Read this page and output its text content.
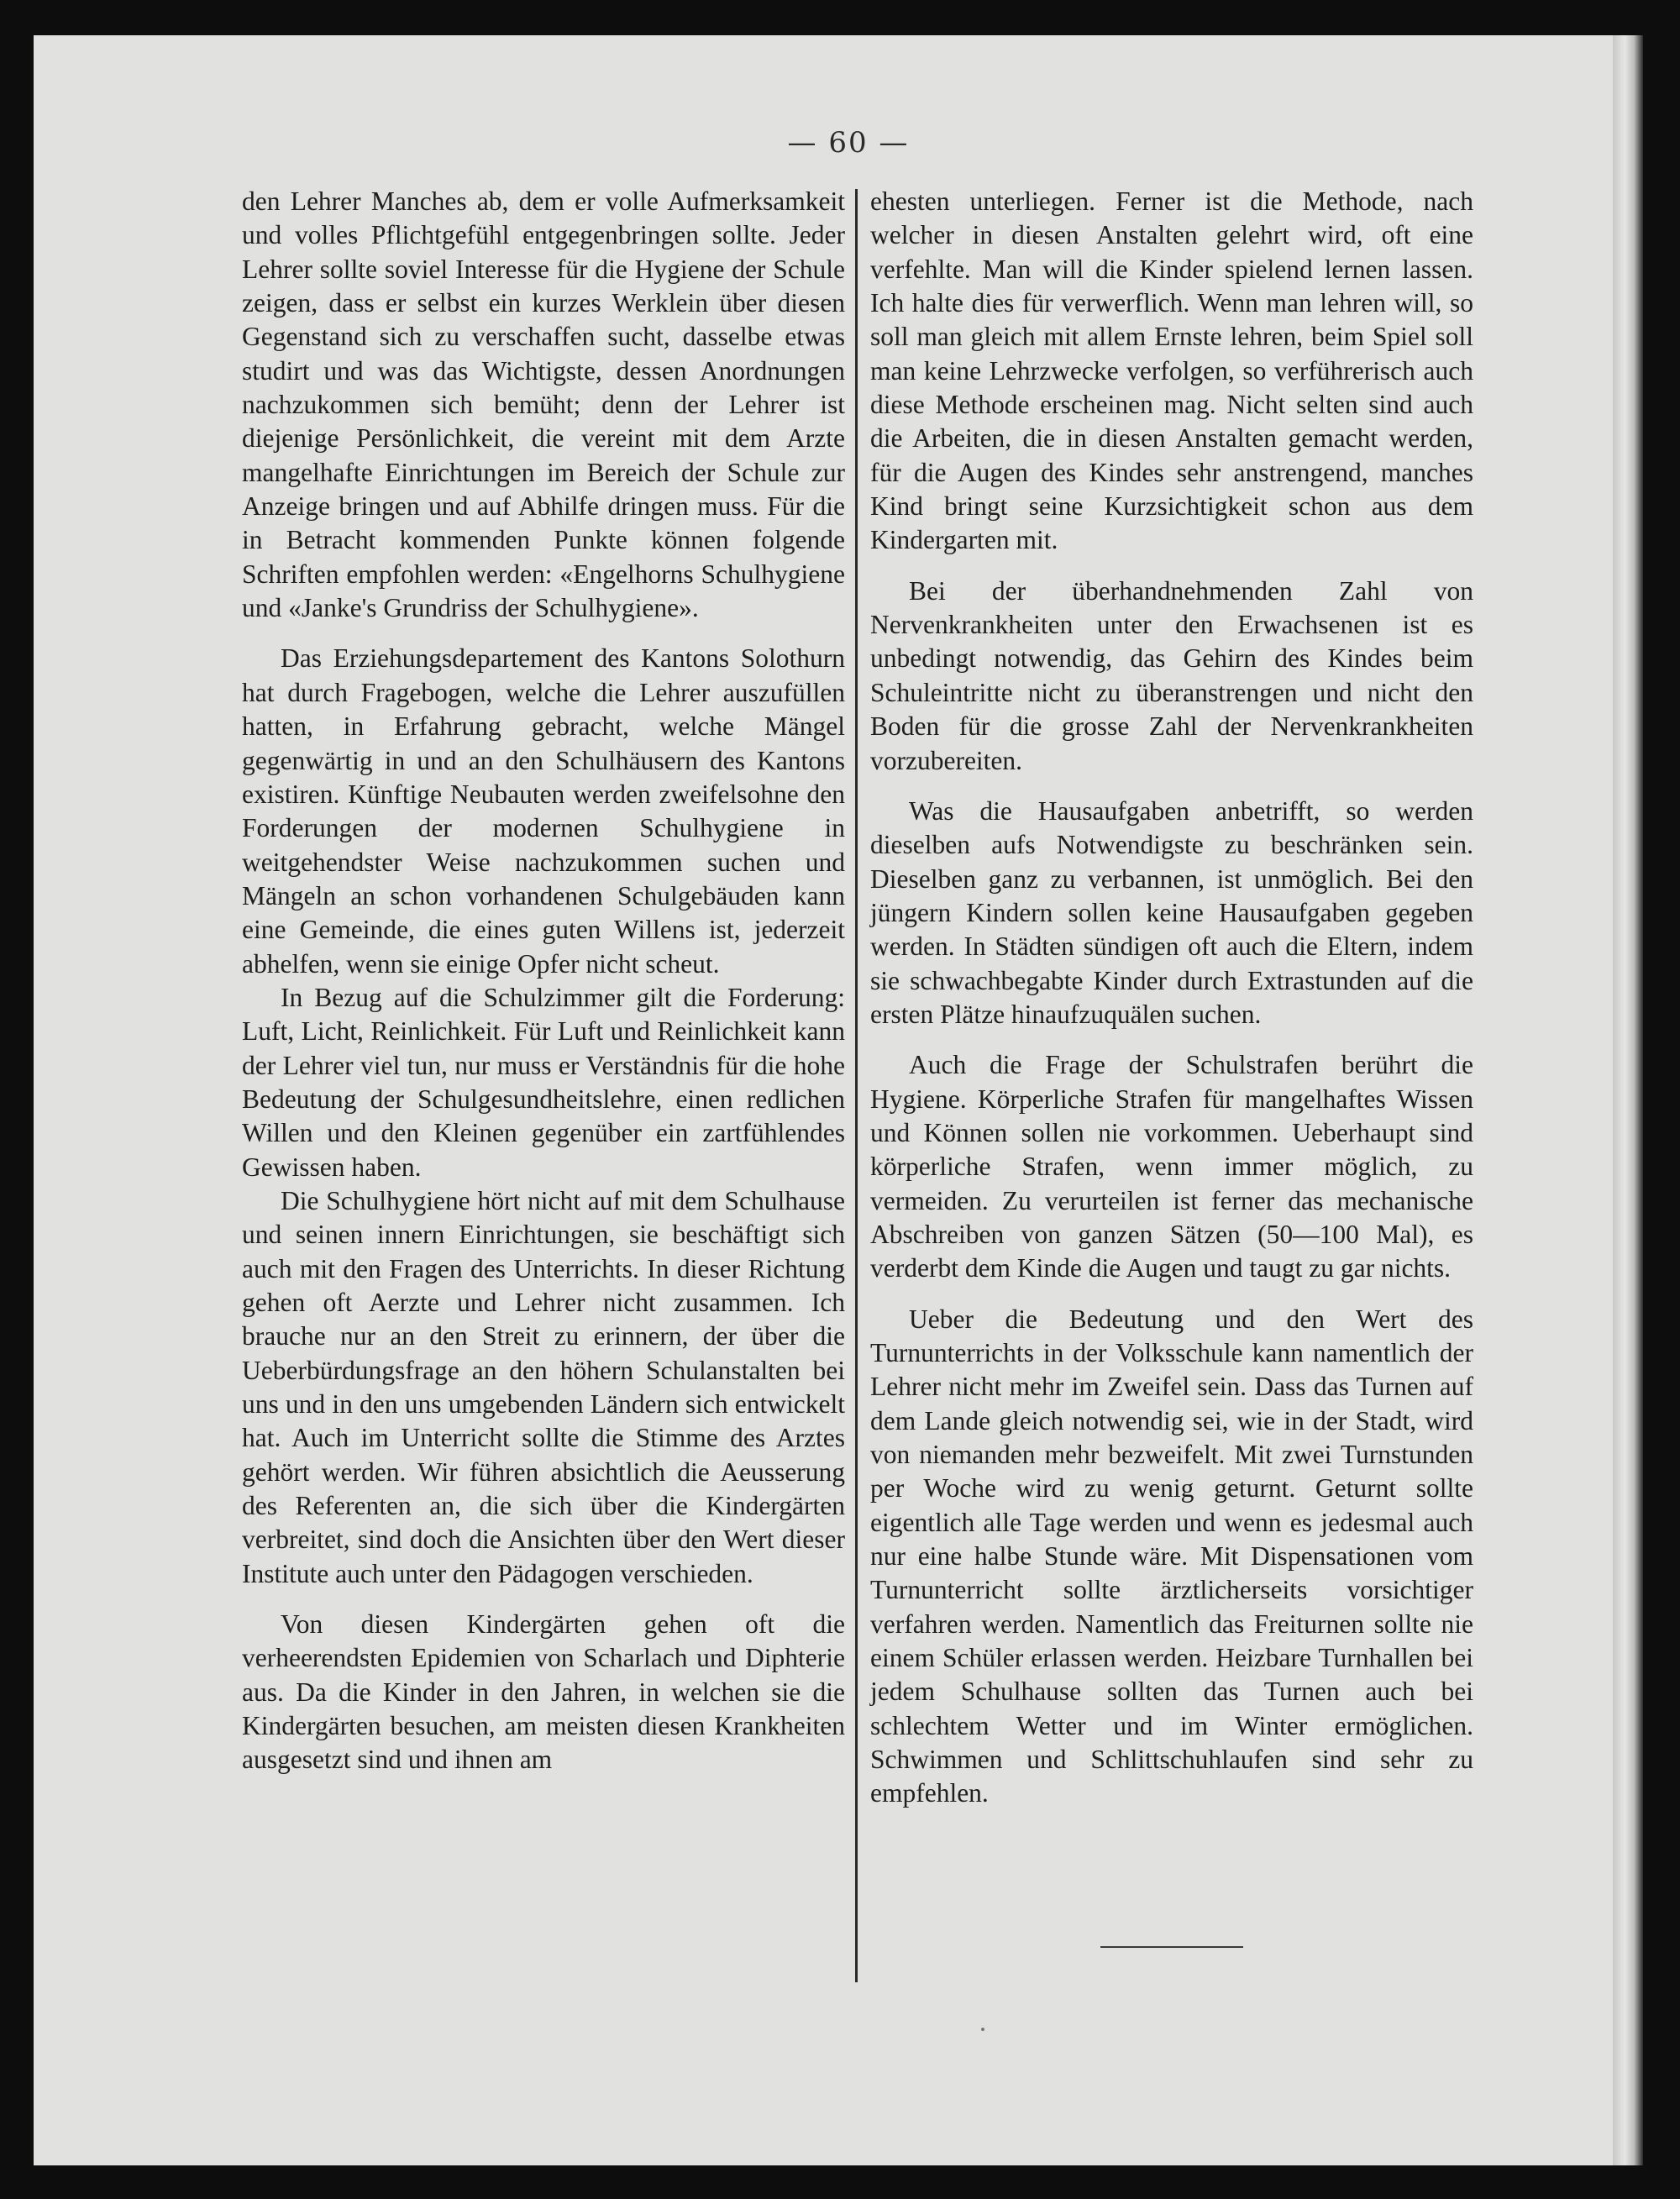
— 60 —

den Lehrer Manches ab, dem er volle Aufmerksamkeit und volles Pflichtgefühl entgegenbringen sollte. Jeder Lehrer sollte soviel Interesse für die Hygiene der Schule zeigen, dass er selbst ein kurzes Werklein über diesen Gegenstand sich zu verschaffen sucht, dasselbe etwas studirt und was das Wichtigste, dessen Anordnungen nachzukommen sich bemüht; denn der Lehrer ist diejenige Persönlichkeit, die vereint mit dem Arzte mangelhafte Einrichtungen im Bereich der Schule zur Anzeige bringen und auf Abhilfe dringen muss. Für die in Betracht kommenden Punkte können folgende Schriften empfohlen werden: «Engelhorns Schulhygiene und «Janke's Grundriss der Schulhygiene».

Das Erziehungsdepartement des Kantons Solothurn hat durch Fragebogen, welche die Lehrer auszufüllen hatten, in Erfahrung gebracht, welche Mängel gegenwärtig in und an den Schulhäusern des Kantons existiren. Künftige Neubauten werden zweifelsohne den Forderungen der modernen Schulhygiene in weitgehendster Weise nachzukommen suchen und Mängeln an schon vorhandenen Schulgebäuden kann eine Gemeinde, die eines guten Willens ist, jederzeit abhelfen, wenn sie einige Opfer nicht scheut.

In Bezug auf die Schulzimmer gilt die Forderung: Luft, Licht, Reinlichkeit. Für Luft und Reinlichkeit kann der Lehrer viel tun, nur muss er Verständnis für die hohe Bedeutung der Schulgesundheitslehre, einen redlichen Willen und den Kleinen gegenüber ein zartfühlendes Gewissen haben.

Die Schulhygiene hört nicht auf mit dem Schulhause und seinen innern Einrichtungen, sie beschäftigt sich auch mit den Fragen des Unterrichts. In dieser Richtung gehen oft Aerzte und Lehrer nicht zusammen. Ich brauche nur an den Streit zu erinnern, der über die Ueberbürdungsfrage an den höhern Schulanstalten bei uns und in den uns umgebenden Ländern sich entwickelt hat. Auch im Unterricht sollte die Stimme des Arztes gehört werden. Wir führen absichtlich die Aeusserung des Referenten an, die sich über die Kindergärten verbreitet, sind doch die Ansichten über den Wert dieser Institute auch unter den Pädagogen verschieden.

Von diesen Kindergärten gehen oft die verheerendsten Epidemien von Scharlach und Diphterie aus. Da die Kinder in den Jahren, in welchen sie die Kindergärten besuchen, am meisten diesen Krankheiten ausgesetzt sind und ihnen am

ehesten unterliegen. Ferner ist die Methode, nach welcher in diesen Anstalten gelehrt wird, oft eine verfehlte. Man will die Kinder spielend lernen lassen. Ich halte dies für verwerflich. Wenn man lehren will, so soll man gleich mit allem Ernste lehren, beim Spiel soll man keine Lehrzwecke verfolgen, so verführerisch auch diese Methode erscheinen mag. Nicht selten sind auch die Arbeiten, die in diesen Anstalten gemacht werden, für die Augen des Kindes sehr anstrengend, manches Kind bringt seine Kurzsichtigkeit schon aus dem Kindergarten mit.

Bei der überhandnehmenden Zahl von Nervenkrankheiten unter den Erwachsenen ist es unbedingt notwendig, das Gehirn des Kindes beim Schuleintritte nicht zu überanstrengen und nicht den Boden für die grosse Zahl der Nervenkrankheiten vorzubereiten.

Was die Hausaufgaben anbetrifft, so werden dieselben aufs Notwendigste zu beschränken sein. Dieselben ganz zu verbannen, ist unmöglich. Bei den jüngern Kindern sollen keine Hausaufgaben gegeben werden. In Städten sündigen oft auch die Eltern, indem sie schwachbegabte Kinder durch Extrastunden auf die ersten Plätze hinaufzuquälen suchen.

Auch die Frage der Schulstrafen berührt die Hygiene. Körperliche Strafen für mangelhaftes Wissen und Können sollen nie vorkommen. Ueberhaupt sind körperliche Strafen, wenn immer möglich, zu vermeiden. Zu verurteilen ist ferner das mechanische Abschreiben von ganzen Sätzen (50—100 Mal), es verderbt dem Kinde die Augen und taugt zu gar nichts.

Ueber die Bedeutung und den Wert des Turnunterrichts in der Volksschule kann namentlich der Lehrer nicht mehr im Zweifel sein. Dass das Turnen auf dem Lande gleich notwendig sei, wie in der Stadt, wird von niemanden mehr bezweifelt. Mit zwei Turnstunden per Woche wird zu wenig geturnt. Geturnt sollte eigentlich alle Tage werden und wenn es jedesmal auch nur eine halbe Stunde wäre. Mit Dispensationen vom Turnunterricht sollte ärztlicherseits vorsichtiger verfahren werden. Namentlich das Freiturnen sollte nie einem Schüler erlassen werden. Heizbare Turnhallen bei jedem Schulhause sollten das Turnen auch bei schlechtem Wetter und im Winter ermöglichen. Schwimmen und Schlittschuhlaufen sind sehr zu empfehlen.
